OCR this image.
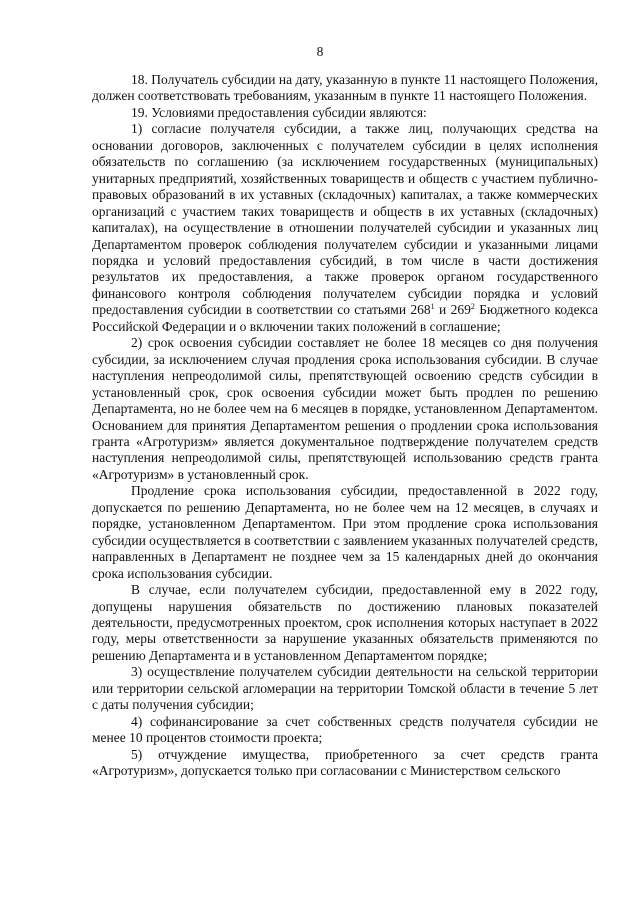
8

18. Получатель субсидии на дату, указанную в пункте 11 настоящего Положения, должен соответствовать требованиям, указанным в пункте 11 настоящего Положения.

19. Условиями предоставления субсидии являются:

1) согласие получателя субсидии, а также лиц, получающих средства на основании договоров, заключенных с получателем субсидии в целях исполнения обязательств по соглашению (за исключением государственных (муниципальных) унитарных предприятий, хозяйственных товариществ и обществ с участием публично-правовых образований в их уставных (складочных) капиталах, а также коммерческих организаций с участием таких товариществ и обществ в их уставных (складочных) капиталах), на осуществление в отношении получателей субсидии и указанных лиц Департаментом проверок соблюдения получателем субсидии и указанными лицами порядка и условий предоставления субсидий, в том числе в части достижения результатов их предоставления, а также проверок органом государственного финансового контроля соблюдения получателем субсидии порядка и условий предоставления субсидии в соответствии со статьями $268^1$ и $269^2$ Бюджетного кодекса Российской Федерации и о включении таких положений в соглашение;

2) срок освоения субсидии составляет не более 18 месяцев со дня получения субсидии, за исключением случая продления срока использования субсидии. В случае наступления непреодолимой силы, препятствующей освоению средств субсидии в установленный срок, срок освоения субсидии может быть продлен по решению Департамента, но не более чем на 6 месяцев в порядке, установленном Департаментом. Основанием для принятия Департаментом решения о продлении срока использования гранта «Агротуризм» является документальное подтверждение получателем средств наступления непреодолимой силы, препятствующей использованию средств гранта «Агротуризм» в установленный срок.

Продление срока использования субсидии, предоставленной в 2022 году, допускается по решению Департамента, но не более чем на 12 месяцев, в случаях и порядке, установленном Департаментом. При этом продление срока использования субсидии осуществляется в соответствии с заявлением указанных получателей средств, направленных в Департамент не позднее чем за 15 календарных дней до окончания срока использования субсидии.

В случае, если получателем субсидии, предоставленной ему в 2022 году, допущены нарушения обязательств по достижению плановых показателей деятельности, предусмотренных проектом, срок исполнения которых наступает в 2022 году, меры ответственности за нарушение указанных обязательств применяются по решению Департамента и в установленном Департаментом порядке;

3) осуществление получателем субсидии деятельности на сельской территории или территории сельской агломерации на территории Томской области в течение 5 лет с даты получения субсидии;

4) софинансирование за счет собственных средств получателя субсидии не менее 10 процентов стоимости проекта;

5) отчуждение имущества, приобретенного за счет средств гранта «Агротуризм», допускается только при согласовании с Министерством сельского
